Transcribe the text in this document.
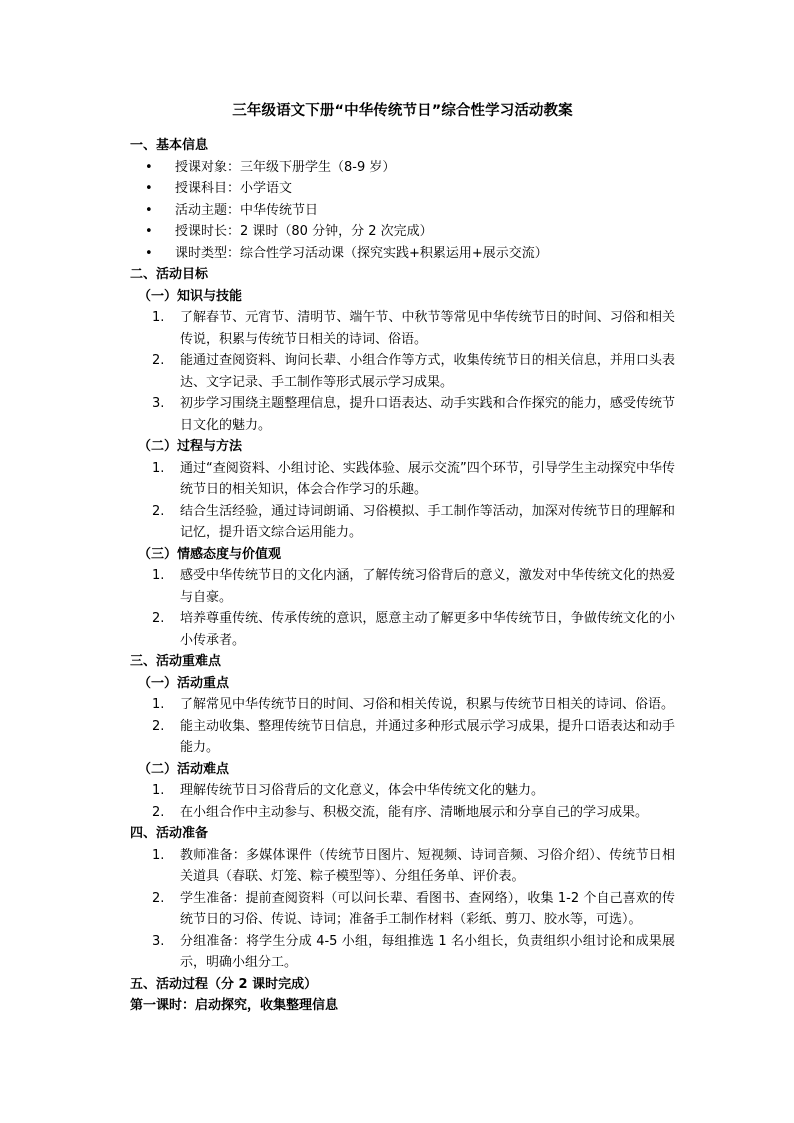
三年级语文下册“中华传统节日”综合性学习活动教案
一、基本信息
• 授课对象：三年级下册学生（8-9 岁）
• 授课科目：小学语文
• 活动主题：中华传统节日
• 授课时长：2 课时（80 分钟，分 2 次完成）
• 课时类型：综合性学习活动课（探究实践+积累运用+展示交流）
二、活动目标
（一）知识与技能
了解春节、元宵节、清明节、端午节、中秋节等常见中华传统节日的时间、习俗和相关传说，积累与传统节日相关的诗词、俗语。
能通过查阅资料、询问长辈、小组合作等方式，收集传统节日的相关信息，并用口头表达、文字记录、手工制作等形式展示学习成果。
初步学习围绕主题整理信息，提升口语表达、动手实践和合作探究的能力，感受传统节日文化的魅力。
（二）过程与方法
通过“查阅资料、小组讨论、实践体验、展示交流”四个环节，引导学生主动探究中华传统节日的相关知识，体会合作学习的乐趣。
结合生活经验，通过诗词朗诵、习俗模拟、手工制作等活动，加深对传统节日的理解和记忆，提升语文综合运用能力。
（三）情感态度与价值观
感受中华传统节日的文化内涵，了解传统习俗背后的意义，激发对中华传统文化的热爱与自豪。
培养尊重传统、传承传统的意识，愿意主动了解更多中华传统节日，争做传统文化的小小传承者。
三、活动重难点
（一）活动重点
了解常见中华传统节日的时间、习俗和相关传说，积累与传统节日相关的诗词、俗语。
能主动收集、整理传统节日信息，并通过多种形式展示学习成果，提升口语表达和动手能力。
（二）活动难点
理解传统节日习俗背后的文化意义，体会中华传统文化的魅力。
在小组合作中主动参与、积极交流，能有序、清晰地展示和分享自己的学习成果。
四、活动准备
教师准备：多媒体课件（传统节日图片、短视频、诗词音频、习俗介绍）、传统节日相关道具（春联、灯笼、粽子模型等）、分组任务单、评价表。
学生准备：提前查阅资料（可以问长辈、看图书、查网络），收集 1-2 个自己喜欢的传统节日的习俗、传说、诗词；准备手工制作材料（彩纸、剪刀、胶水等，可选）。
分组准备：将学生分成 4-5 小组，每组推选 1 名小组长，负责组织小组讨论和成果展示，明确小组分工。
五、活动过程（分 2 课时完成）
第一课时：启动探究，收集整理信息
